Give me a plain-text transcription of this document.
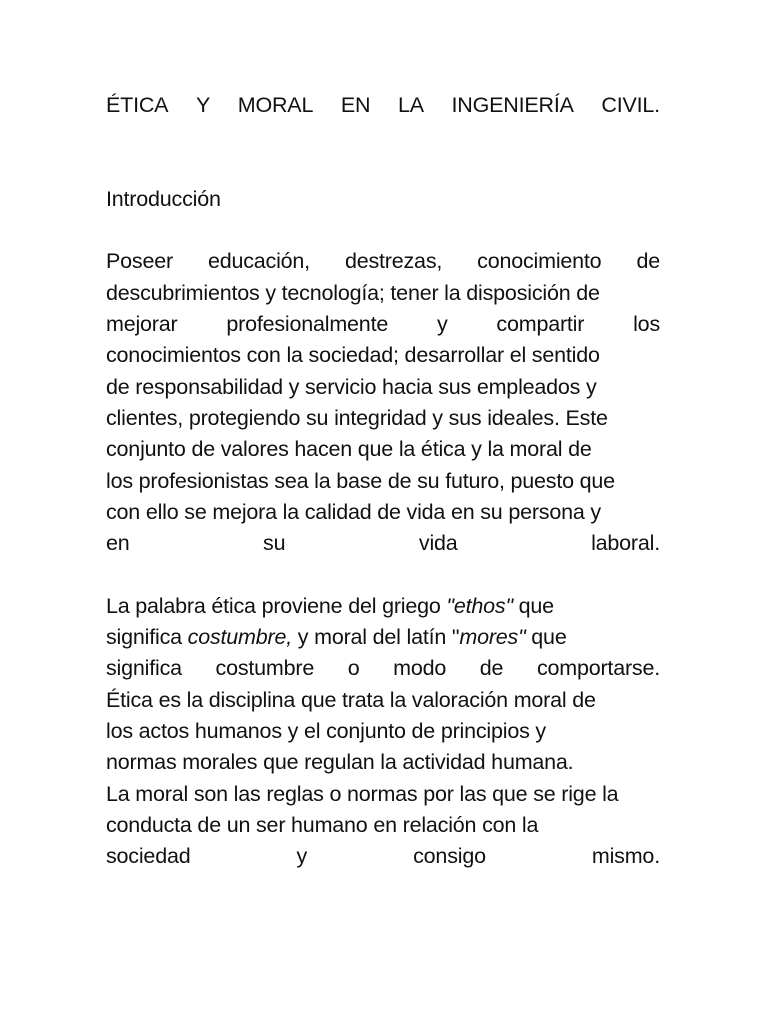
ÉTICA Y MORAL EN LA INGENIERÍA CIVIL.
Introducción
Poseer educación, destrezas, conocimiento de
descubrimientos y tecnología; tener la disposición de
mejorar profesionalmente y compartir los
conocimientos con la sociedad; desarrollar el sentido
de responsabilidad y servicio hacia sus empleados y
clientes, protegiendo su integridad y sus ideales. Este
conjunto de valores hacen que la ética y la moral de
los profesionistas sea la base de su futuro, puesto que
con ello se mejora la calidad de vida en su persona y
en	su	vida	laboral.
La palabra ética proviene del griego "ethos" que
significa costumbre, y moral del latín "mores" que
significa costumbre o modo de comportarse.
Ética es la disciplina que trata la valoración moral de
los actos humanos y el conjunto de principios y
normas morales que regulan la actividad humana.
La moral son las reglas o normas por las que se rige la
conducta de un ser humano en relación con la
sociedad	y	consigo	mismo.
